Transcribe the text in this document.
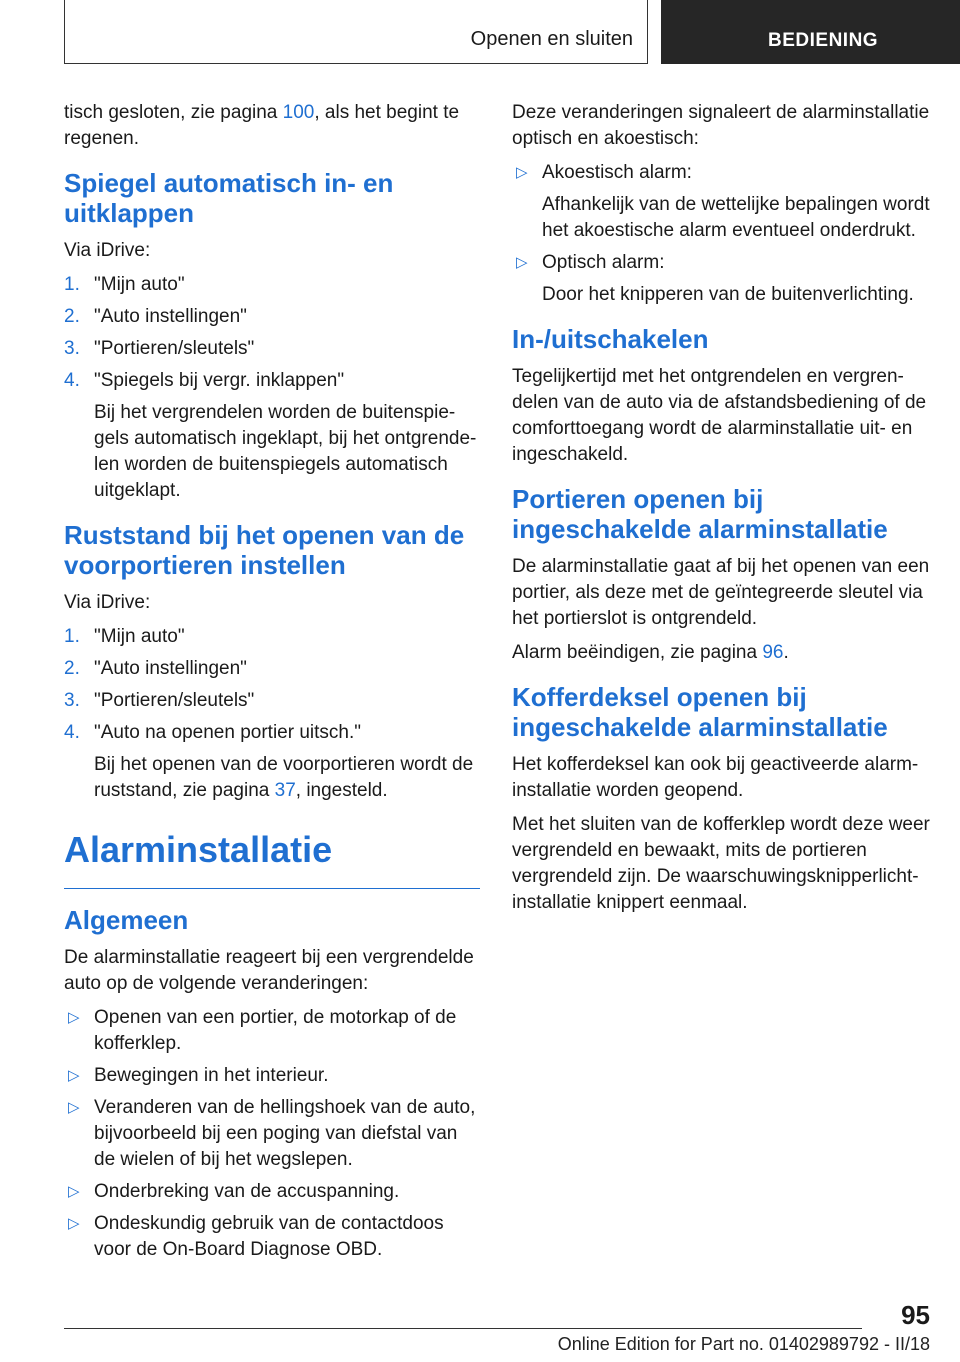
Openen en sluiten	BEDIENING

tisch gesloten, zie pagina 100, als het begint te regenen.

Spiegel automatisch in- en uitklappen

Via iDrive:

1. "Mijn auto"
2. "Auto instellingen"
3. "Portieren/sleutels"
4. "Spiegels bij vergr. inklappen"
Bij het vergrendelen worden de buitenspiegels automatisch ingeklapt, bij het ontgrendelen worden de buitenspiegels automatisch uitgeklapt.
Ruststand bij het openen van de voorportieren instellen

Via iDrive:

1. "Mijn auto"
2. "Auto instellingen"
3. "Portieren/sleutels"
4. "Auto na openen portier uitsch."
Bij het openen van de voorportieren wordt de ruststand, zie pagina 37, ingesteld.
Alarminstallatie
Algemeen

De alarminstallatie reageert bij een vergrendelde auto op de volgende veranderingen:

▷ Openen van een portier, de motorkap of de kofferklep.
▷ Bewegingen in het interieur.
▷ Veranderen van de hellingshoek van de auto, bijvoorbeeld bij een poging van diefstal van de wielen of bij het wegslepen.
▷ Onderbreking van de accuspanning.
▷ Ondeskundig gebruik van de contactdoos voor de On-Board Diagnose OBD.

Deze veranderingen signaleert de alarminstallatie optisch en akoestisch:

▷ Akoestisch alarm:
Afhankelijk van de wettelijke bepalingen wordt het akoestische alarm eventueel onderdrukt.
▷ Optisch alarm:
Door het knipperen van de buitenverlichting.
In-/uitschakelen

Tegelijkertijd met het ontgrendelen en vergrendelen van de auto via de afstandsbediening of de comforttoegang wordt de alarminstallatie uit- en ingeschakeld.

Portieren openen bij ingeschakelde alarminstallatie

De alarminstallatie gaat af bij het openen van een portier, als deze met de geïntegreerde sleutel via het portierslot is ontgrendeld.

Alarm beëindigen, zie pagina 96.

Kofferdeksel openen bij ingeschakelde alarminstallatie

Het kofferdeksel kan ook bij geactiveerde alarminstallatie worden geopend.

Met het sluiten van de kofferklep wordt deze weer vergrendeld en bewaakt, mits de portieren vergrendeld zijn. De waarschuwingsknipperlichtinstallatie knippert eenmaal.

95
Online Edition for Part no. 01402989792 - II/18
